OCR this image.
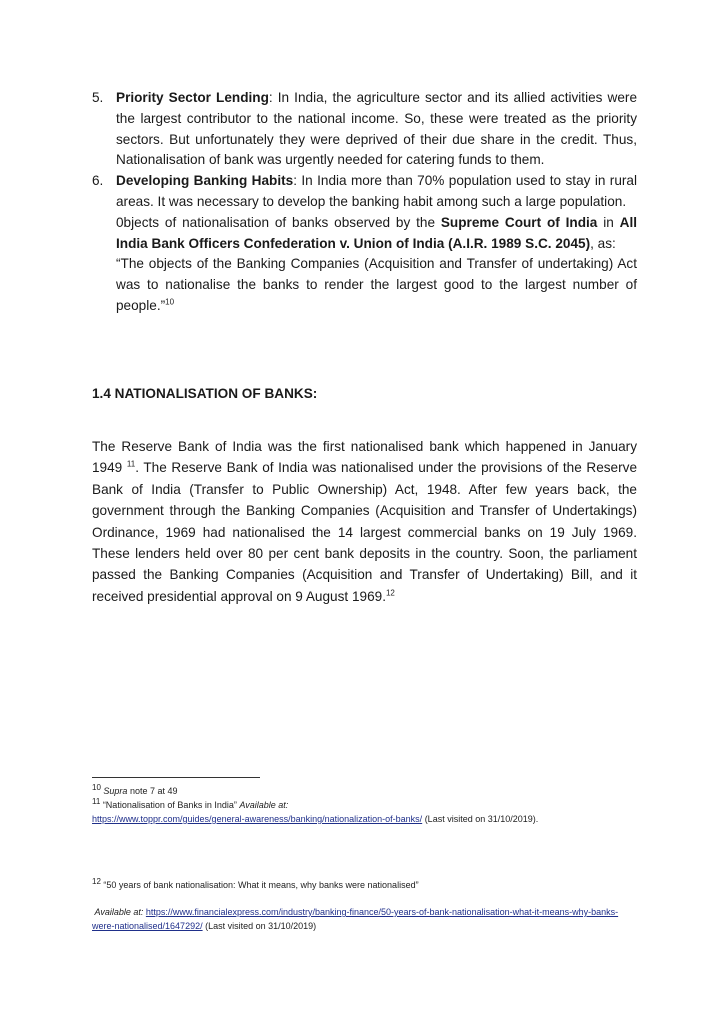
5. Priority Sector Lending: In India, the agriculture sector and its allied activities were the largest contributor to the national income. So, these were treated as the priority sectors. But unfortunately they were deprived of their due share in the credit. Thus, Nationalisation of bank was urgently needed for catering funds to them.
6. Developing Banking Habits: In India more than 70% population used to stay in rural areas. It was necessary to develop the banking habit among such a large population.
0bjects of nationalisation of banks observed by the Supreme Court of India in All India Bank Officers Confederation v. Union of India (A.I.R. 1989 S.C. 2045), as:
“The objects of the Banking Companies (Acquisition and Transfer of undertaking) Act was to nationalise the banks to render the largest good to the largest number of people.”$^{10}$
1.4 NATIONALISATION OF BANKS:
The Reserve Bank of India was the first nationalised bank which happened in January 1949 $^{11}$. The Reserve Bank of India was nationalised under the provisions of the Reserve Bank of India (Transfer to Public Ownership) Act, 1948. After few years back, the government through the Banking Companies (Acquisition and Transfer of Undertakings) Ordinance, 1969 had nationalised the 14 largest commercial banks on 19 July 1969. These lenders held over 80 per cent bank deposits in the country. Soon, the parliament passed the Banking Companies (Acquisition and Transfer of Undertaking) Bill, and it received presidential approval on 9 August 1969.12
$^{10}$ Supra note 7 at 49
$^{11}$ “Nationalisation of Banks in India” Available at:
https://www.toppr.com/guides/general-awareness/banking/nationalization-of-banks/ (Last visited on 31/10/2019).
$^{12}$ “50 years of bank nationalisation: What it means, why banks were nationalised”
Available at: https://www.financialexpress.com/industry/banking-finance/50-years-of-bank-nationalisation-what-it-means-why-banks-were-nationalised/1647292/ (Last visited on 31/10/2019)
